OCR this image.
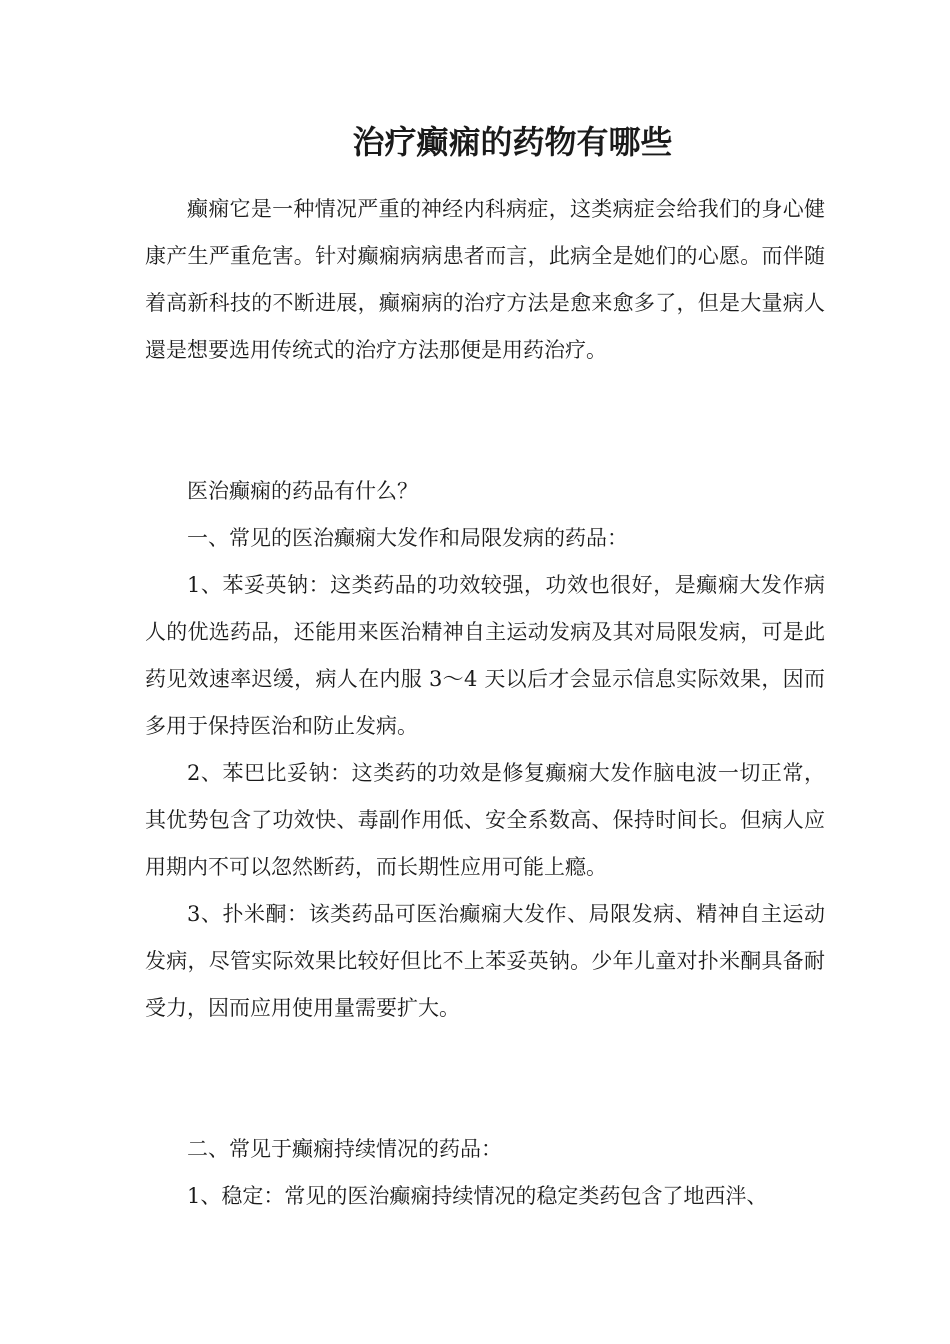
治疗癫痫的药物有哪些

癫痫它是一种情况严重的神经内科病症，这类病症会给我们的身心健康产生严重危害。针对癫痫病病患者而言，此病全是她们的心愿。而伴随着高新科技的不断进展，癫痫病的治疗方法是愈来愈多了，但是大量病人還是想要选用传统式的治疗方法那便是用药治疗。

医治癫痫的药品有什么？

一、常见的医治癫痫大发作和局限发病的药品：

1、苯妥英钠：这类药品的功效较强，功效也很好，是癫痫大发作病人的优选药品，还能用来医治精神自主运动发病及其对局限发病，可是此药见效速率迟缓，病人在内服 3～4 天以后才会显示信息实际效果，因而多用于保持医治和防止发病。

2、苯巴比妥钠：这类药的功效是修复癫痫大发作脑电波一切正常，其优势包含了功效快、毒副作用低、安全系数高、保持时间长。但病人应用期内不可以忽然断药，而长期性应用可能上瘾。

3、扑米酮：该类药品可医治癫痫大发作、局限发病、精神自主运动发病，尽管实际效果比较好但比不上苯妥英钠。少年儿童对扑米酮具备耐受力，因而应用使用量需要扩大。

二、常见于癫痫持续情况的药品：

1、稳定：常见的医治癫痫持续情况的稳定类药包含了地西泮、
